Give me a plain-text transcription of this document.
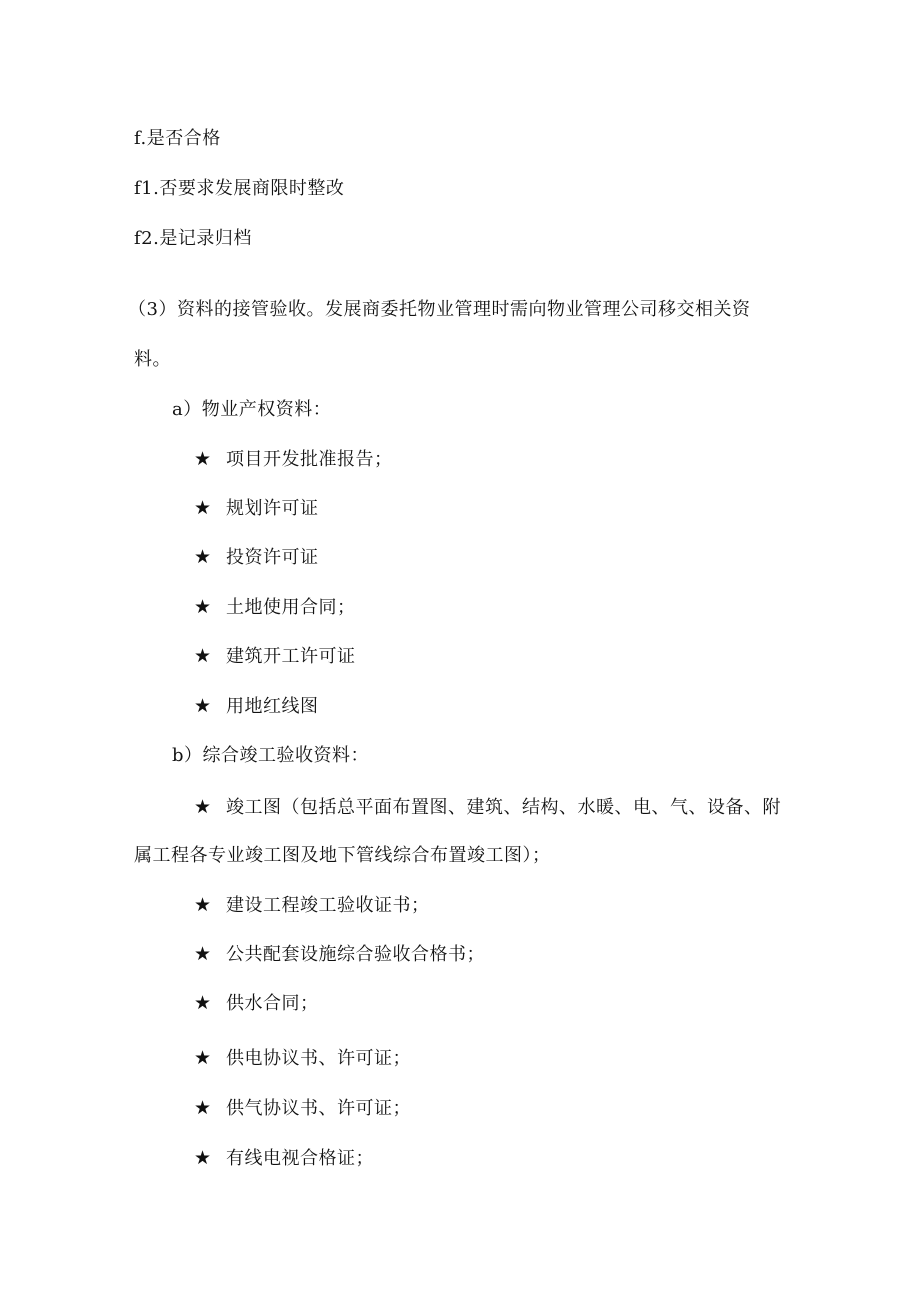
f.是否合格
f1.否要求发展商限时整改
f2.是记录归档
（3）资料的接管验收。发展商委托物业管理时需向物业管理公司移交相关资
料。
a）物业产权资料：
★ 项目开发批准报告；
★ 规划许可证
★ 投资许可证
★ 土地使用合同；
★ 建筑开工许可证
★ 用地红线图
b）综合竣工验收资料：
★ 竣工图（包括总平面布置图、建筑、结构、水暖、电、气、设备、附
属工程各专业竣工图及地下管线综合布置竣工图）；
★ 建设工程竣工验收证书；
★ 公共配套设施综合验收合格书；
★ 供水合同；
★ 供电协议书、许可证；
★ 供气协议书、许可证；
★ 有线电视合格证；
